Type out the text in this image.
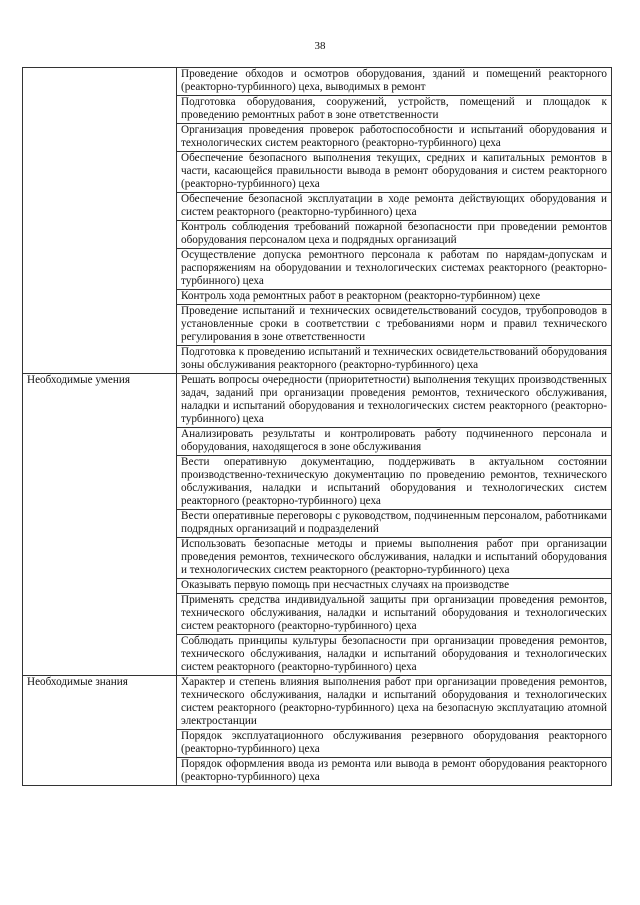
38
	Проведение обходов и осмотров оборудования, зданий и помещений реакторного (реакторно-турбинного) цеха, выводимых в ремонт
	Подготовка оборудования, сооружений, устройств, помещений и площадок к проведению ремонтных работ в зоне ответственности
	Организация проведения проверок работоспособности и испытаний оборудования и технологических систем реакторного (реакторно-турбинного) цеха
	Обеспечение безопасного выполнения текущих, средних и капитальных ремонтов в части, касающейся правильности вывода в ремонт оборудования и систем реакторного (реакторно-турбинного) цеха
	Обеспечение безопасной эксплуатации в ходе ремонта действующих оборудования и систем реакторного (реакторно-турбинного) цеха
	Контроль соблюдения требований пожарной безопасности при проведении ремонтов оборудования персоналом цеха и подрядных организаций
	Осуществление допуска ремонтного персонала к работам по нарядам-допускам и распоряжениям на оборудовании и технологических системах реакторного (реакторно-турбинного) цеха
	Контроль хода ремонтных работ в реакторном (реакторно-турбинном) цехе
	Проведение испытаний и технических освидетельствований сосудов, трубопроводов в установленные сроки в соответствии с требованиями норм и правил технического регулирования в зоне ответственности
	Подготовка к проведению испытаний и технических освидетельствований оборудования зоны обслуживания реакторного (реакторно-турбинного) цеха

Необходимые умения	Решать вопросы очередности (приоритетности) выполнения текущих производственных задач, заданий при организации проведения ремонтов, технического обслуживания, наладки и испытаний оборудования и технологических систем реакторного (реакторно-турбинного) цеха
	Анализировать результаты и контролировать работу подчиненного персонала и оборудования, находящегося в зоне обслуживания
	Вести оперативную документацию, поддерживать в актуальном состоянии производственно-техническую документацию по проведению ремонтов, технического обслуживания, наладки и испытаний оборудования и технологических систем реакторного (реакторно-турбинного) цеха
	Вести оперативные переговоры с руководством, подчиненным персоналом, работниками подрядных организаций и подразделений
	Использовать безопасные методы и приемы выполнения работ при организации проведения ремонтов, технического обслуживания, наладки и испытаний оборудования и технологических систем реакторного (реакторно-турбинного) цеха
	Оказывать первую помощь при несчастных случаях на производстве
	Применять средства индивидуальной защиты при организации проведения ремонтов, технического обслуживания, наладки и испытаний оборудования и технологических систем реакторного (реакторно-турбинного) цеха
	Соблюдать принципы культуры безопасности при организации проведения ремонтов, технического обслуживания, наладки и испытаний оборудования и технологических систем реакторного (реакторно-турбинного) цеха

Необходимые знания	Характер и степень влияния выполнения работ при организации проведения ремонтов, технического обслуживания, наладки и испытаний оборудования и технологических систем реакторного (реакторно-турбинного) цеха на безопасную эксплуатацию атомной электростанции
	Порядок эксплуатационного обслуживания резервного оборудования реакторного (реакторно-турбинного) цеха
	Порядок оформления ввода из ремонта или вывода в ремонт оборудования реакторного (реакторно-турбинного) цеха
